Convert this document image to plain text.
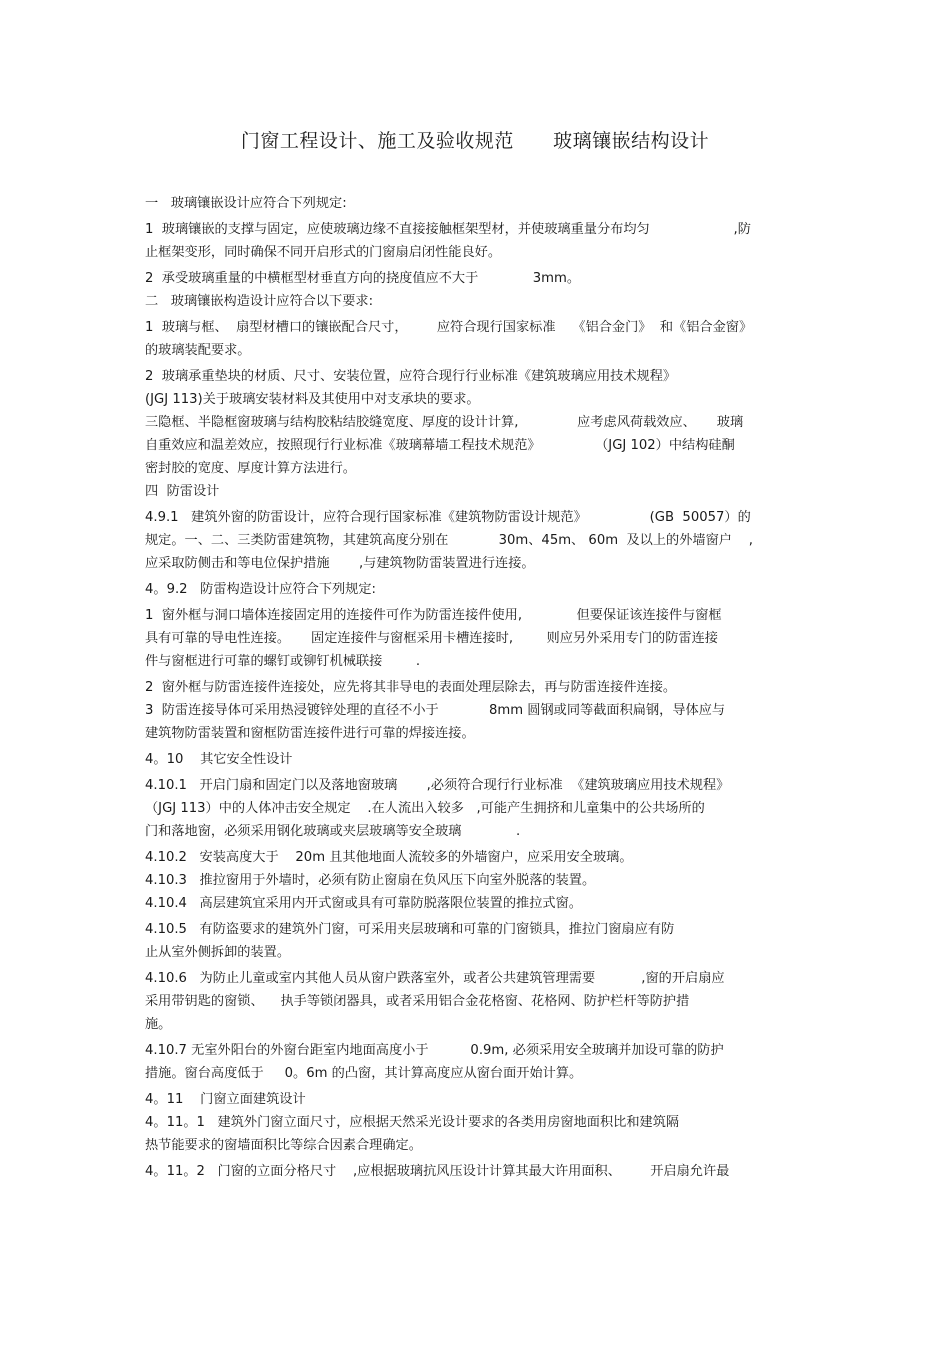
门窗工程设计、施工及验收规范      玻璃镶嵌结构设计
一   玻璃镶嵌设计应符合下列规定:
1  玻璃镶嵌的支撑与固定，应使玻璃边缘不直接接触框架型材，并使玻璃重量分布均匀                    ,防
止框架变形，同时确保不同开启形式的门窗扇启闭性能良好。
2  承受玻璃重量的中横框型材垂直方向的挠度值应不大于             3mm。
二   玻璃镶嵌构造设计应符合以下要求:
1  玻璃与框、  扇型材槽口的镶嵌配合尺寸，       应符合现行国家标准    《铝合金门》  和《铝合金窗》
的玻璃装配要求。
2  玻璃承重垫块的材质、尺寸、安装位置，应符合现行行业标准《建筑玻璃应用技术规程》
(JGJ 113)关于玻璃安装材料及其使用中对支承块的要求。
三隐框、半隐框窗玻璃与结构胶粘结胶缝宽度、厚度的设计计算,              应考虑风荷载效应、     玻璃
自重效应和温差效应，按照现行行业标准《玻璃幕墙工程技术规范》             （JGJ 102）中结构硅酮
密封胶的宽度、厚度计算方法进行。
四  防雷设计
4.9.1   建筑外窗的防雷设计，应符合现行国家标准《建筑物防雷设计规范》               (GB  50057）的
规定。一、二、三类防雷建筑物，其建筑高度分别在            30m、45m、 60m  及以上的外墙窗户    ,
应采取防侧击和等电位保护措施       ,与建筑物防雷装置进行连接。
4。9.2   防雷构造设计应符合下列规定:
1  窗外框与洞口墙体连接固定用的连接件可作为防雷连接件使用,             但要保证该连接件与窗框
具有可靠的导电性连接。     固定连接件与窗框采用卡槽连接时,        则应另外采用专门的防雷连接
件与窗框进行可靠的螺钉或铆钉机械联接        .
2  窗外框与防雷连接件连接处，应先将其非导电的表面处理层除去，再与防雷连接件连接。
3  防雷连接导体可采用热浸镀锌处理的直径不小于            8mm 圆钢或同等截面积扁钢，导体应与
建筑物防雷装置和窗框防雷连接件进行可靠的焊接连接。
4。10    其它安全性设计
4.10.1   开启门扇和固定门以及落地窗玻璃       ,必须符合现行行业标准  《建筑玻璃应用技术规程》
（JGJ 113）中的人体冲击安全规定    .在人流出入较多   ,可能产生拥挤和儿童集中的公共场所的
门和落地窗，必须采用钢化玻璃或夹层玻璃等安全玻璃             .
4.10.2   安装高度大于    20m 且其他地面人流较多的外墙窗户，应采用安全玻璃。
4.10.3   推拉窗用于外墙时，必须有防止窗扇在负风压下向室外脱落的装置。
4.10.4   高层建筑宜采用内开式窗或具有可靠防脱落限位装置的推拉式窗。
4.10.5   有防盗要求的建筑外门窗，可采用夹层玻璃和可靠的门窗锁具，推拉门窗扇应有防
止从室外侧拆卸的装置。
4.10.6   为防止儿童或室内其他人员从窗户跌落室外，或者公共建筑管理需要           ,窗的开启扇应
采用带钥匙的窗锁、    执手等锁闭器具，或者采用铝合金花格窗、花格网、防护栏杆等防护措
施。
4.10.7 无室外阳台的外窗台距室内地面高度小于          0.9m, 必须采用安全玻璃并加设可靠的防护
措施。窗台高度低于     0。6m 的凸窗，其计算高度应从窗台面开始计算。
4。11    门窗立面建筑设计
4。11。1   建筑外门窗立面尺寸，应根据天然采光设计要求的各类用房窗地面积比和建筑隔
热节能要求的窗墙面积比等综合因素合理确定。
4。11。2   门窗的立面分格尺寸    ,应根据玻璃抗风压设计计算其最大许用面积、       开启扇允许最
